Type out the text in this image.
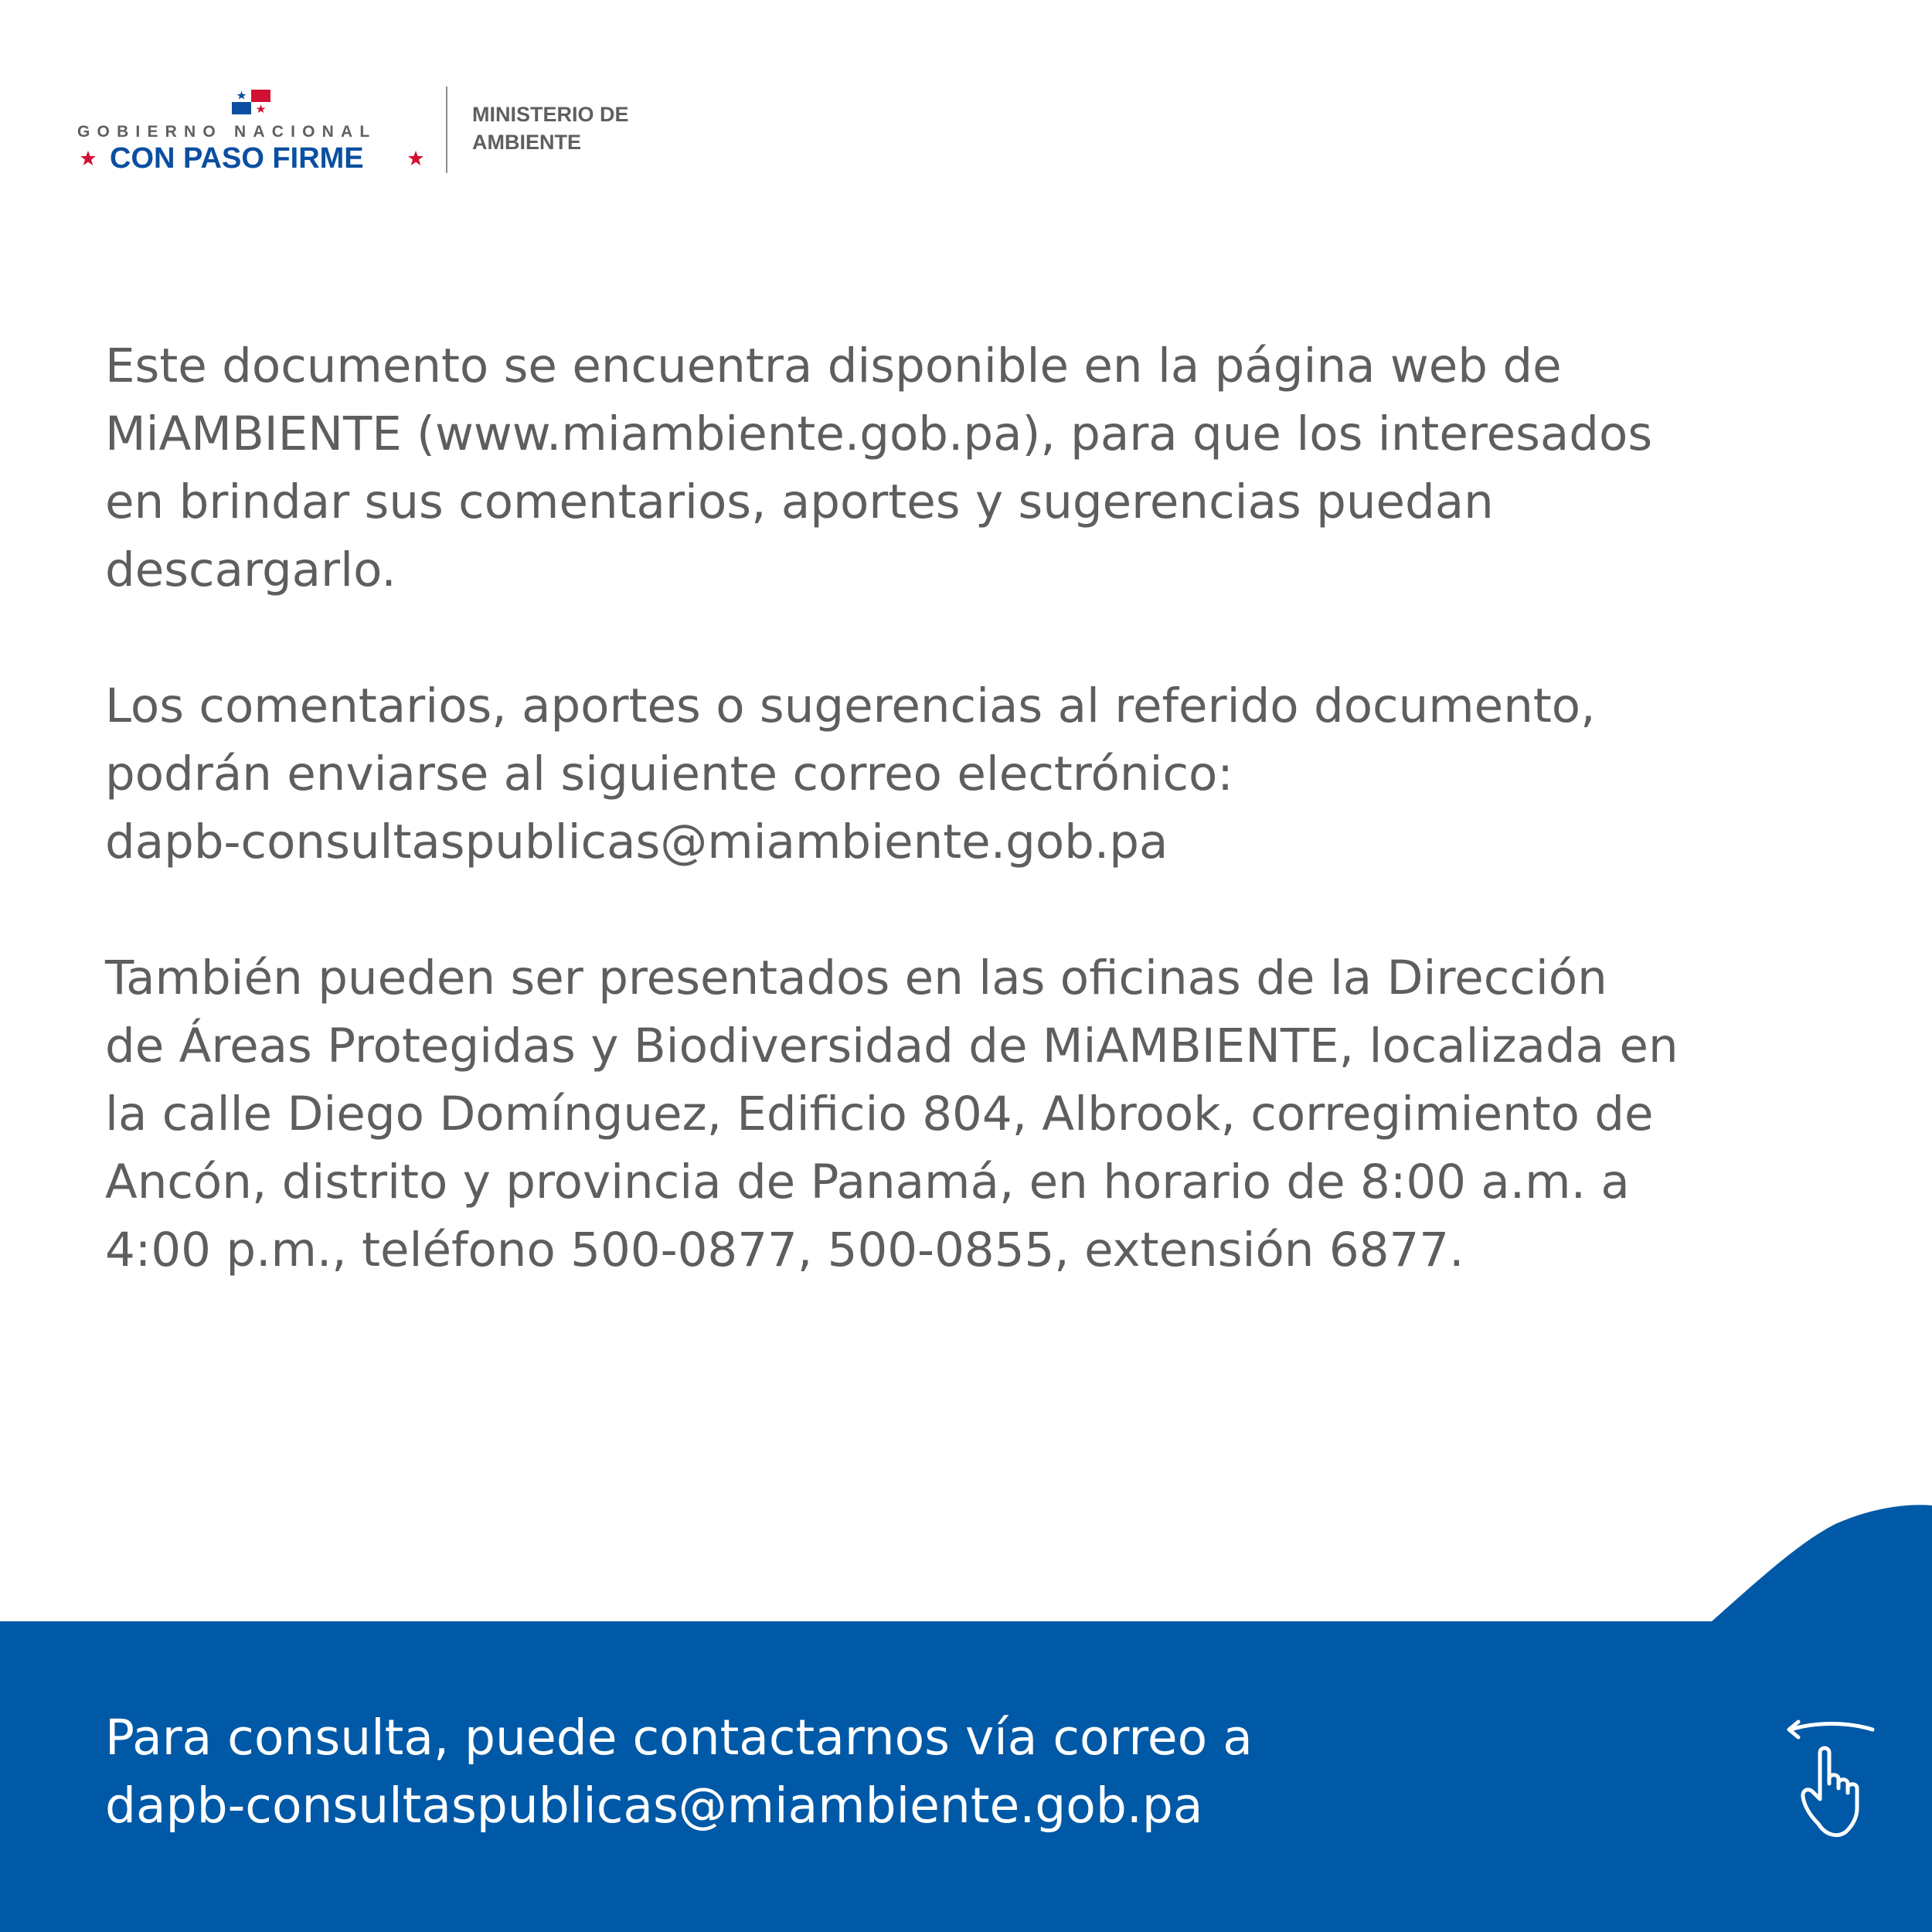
GOBIERNO NACIONAL
CON PASO FIRME
MINISTERIO DE
AMBIENTE
Este documento se encuentra disponible en la página web de
MiAMBIENTE (www.miambiente.gob.pa), para que los interesados
en brindar sus comentarios, aportes y sugerencias puedan
descargarlo.
Los comentarios, aportes o sugerencias al referido documento,
podrán enviarse al siguiente correo electrónico:
dapb-consultaspublicas@miambiente.gob.pa
También pueden ser presentados en las oficinas de la Dirección
de Áreas Protegidas y Biodiversidad de MiAMBIENTE, localizada en
la calle Diego Domínguez, Edificio 804, Albrook, corregimiento de
Ancón, distrito y provincia de Panamá, en horario de 8:00 a.m. a
4:00 p.m., teléfono 500-0877, 500-0855, extensión 6877.
Para consulta, puede contactarnos vía correo a
dapb-consultaspublicas@miambiente.gob.pa
